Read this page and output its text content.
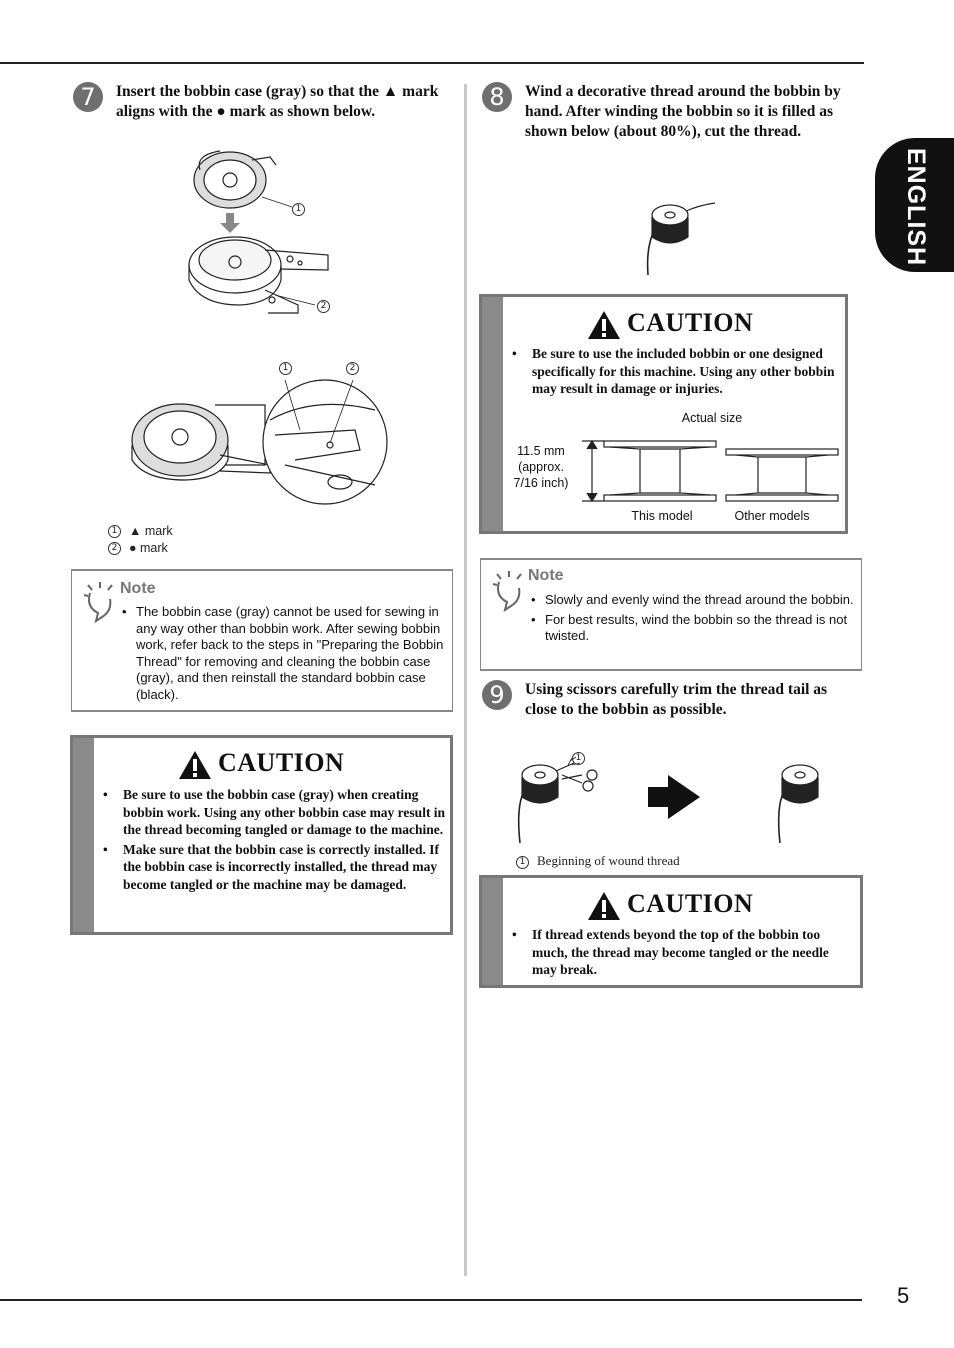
ENGLISH
5
7	Insert the bobbin case (gray) so that the ▲ mark aligns with the ● mark as shown below.
1
2
1	2
1 ▲ mark
2 ● mark
Note
• The bobbin case (gray) cannot be used for sewing in any way other than bobbin work. After sewing bobbin work, refer back to the steps in "Preparing the Bobbin Thread" for removing and cleaning the bobbin case (gray), and then reinstall the standard bobbin case (black).
CAUTION
• Be sure to use the bobbin case (gray) when creating bobbin work. Using any other bobbin case may result in the thread becoming tangled or damage to the machine.
• Make sure that the bobbin case is correctly installed. If the bobbin case is incorrectly installed, the thread may become tangled or the machine may be damaged.
8	Wind a decorative thread around the bobbin by hand. After winding the bobbin so it is filled as shown below (about 80%), cut the thread.
CAUTION
• Be sure to use the included bobbin or one designed specifically for this machine. Using any other bobbin may result in damage or injuries.
Actual size
11.5 mm
(approx.
7/16 inch)
This model	Other models
Note
• Slowly and evenly wind the thread around the bobbin.
• For best results, wind the bobbin so the thread is not twisted.
9	Using scissors carefully trim the thread tail as close to the bobbin as possible.
1
1 Beginning of wound thread
CAUTION
• If thread extends beyond the top of the bobbin too much, the thread may become tangled or the needle may break.
